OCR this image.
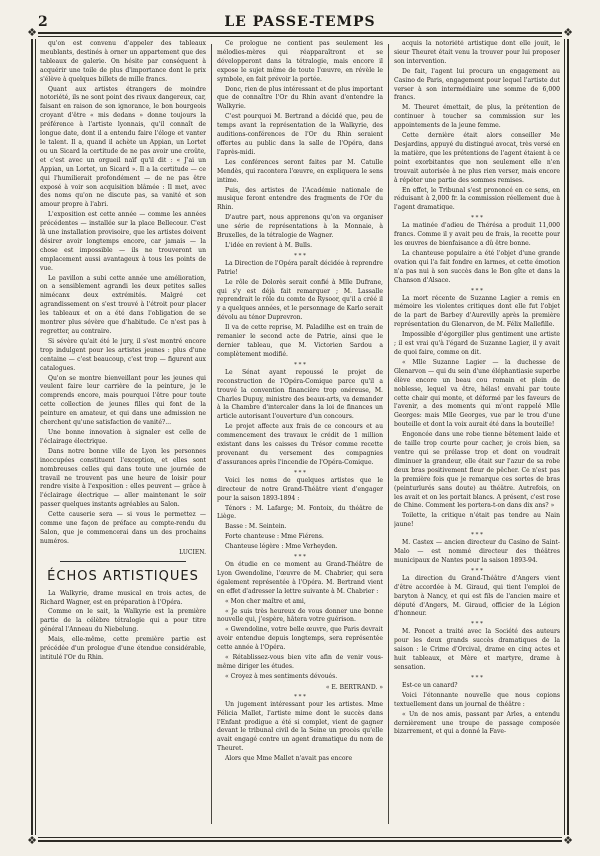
2	LE PASSE-TEMPS
❖	❖
❖	❖

qu'on est convenu d'appeler des tableaux meublants, destinés à orner un appartement que des tableaux de galerie. On hésite par conséquent à acquérir une toile de plus d'importance dont le prix s'élève à quelques billets de mille francs.

Quant aux artistes étrangers de moindre notoriété, ils ne sont point des rivaux dangereux, car, faisant en raison de son ignorance, le bon bourgeois croyant d'être « mis dedans » donne toujours la préférence à l'artiste lyonnais, qu'il connaît de longue date, dont il a entendu faire l'éloge et vanter le talent. Il a, quand il achète un Appian, un Lortet ou un Sicard la certitude de ne pas avoir une croûte, et c'est avec un orgueil naïf qu'il dit : « J'ai un Appian, un Lortet, un Sicard ». Il a la certitude — ce qui l'humilierait profondément — de ne pas être exposé à voir son acquisition blâmée : Il met, avec des noms qu'on ne discute pas, sa vanité et son amour propre à l'abri.

L'exposition est cette année — comme les années précédentes — installée sur la place Bellecour. C'est là une installation provisoire, que les artistes doivent désirer avoir longtemps encore, car jamais — la chose est impossible — ils ne trouveront un emplacement aussi avantageux à tous les points de vue.

Le pavillon a subi cette année une amélioration, on a sensiblement agrandi les deux petites salles nimécanx deux extrémités. Malgré cet agrandissement on s'est trouvé à l'étroit pour placer les tableaux et on a été dans l'obligation de se montrer plus sévère que d'habitude. Ce n'est pas à regretter, au contraire.

Si sévère qu'ait été le jury, il s'est montré encore trop indulgent pour les artistes jeunes : plus d'une centaine — c'est beaucoup, c'est trop — figurent aux catalogues.

Qu'on se montre bienveillant pour les jeunes qui veulent faire leur carrière de la peinture, je le comprends encore, mais pourquoi l'être pour toute cette collection de jeunes filles qui font de la peinture en amateur, et qui dans une admission ne cherchent qu'une satisfaction de vanité?...

Une bonne innovation à signaler est celle de l'éclairage électrique.

Dans notre bonne ville de Lyon les personnes inoccupées constituent l'exception, et elles sont nombreuses celles qui dans toute une journée de travail ne trouvent pas une heure de loisir pour rendre visite à l'exposition : elles peuvent — grâce à l'éclairage électrique — aller maintenant le soir passer quelques instants agréables au Salon.

Cette causerie sera — si vous le permettez — comme une façon de préface au compte-rendu du Salon, que je commencerai dans un des prochains numéros.

LUCIEN.
ÉCHOS ARTISTIQUES

La Walkyrie, drame musical en trois actes, de Richard Wagner, est en préparation à l'Opéra.

Comme on le sait, la Walkyrie est la première partie de la célèbre tétralogie qui a pour titre général l'Anneau du Niebelung.

Mais, elle-même, cette première partie est précédée d'un prologue d'une étendue considérable, intitulé l'Or du Rhin.

Ce prologue ne contient pas seulement les mélodies-mères qui réapparaîtront et se développeront dans la tétralogie, mais encore il expose le sujet même de toute l'œuvre, en révèle le symbole, en fait prévoir la portée.

Donc, rien de plus intéressant et de plus important que de connaître l'Or du Rhin avant d'entendre la Walkyrie.

C'est pourquoi M. Bertrand a décidé que, peu de temps avant la représentation de la Walkyrie, des auditions-conférences de l'Or du Rhin seraient offertes au public dans la salle de l'Opéra, dans l'après-midi.

Les conférences seront faites par M. Catulle Mendès, qui racontera l'œuvre, en expliquera le sens intime.

Puis, des artistes de l'Académie nationale de musique feront entendre des fragments de l'Or du Rhin.

D'autre part, nous apprenons qu'on va organiser une série de représentations à la Monnaie, à Bruxelles, de la tétralogie de Wagner.

L'idée en revient à M. Bulls.

* * *

La Direction de l'Opéra paraît décidée à reprendre Patrie!

Le rôle de Dolorès serait confié à Mlle Dufrane, qui s'y est déjà fait remarquer ; M. Lassalle reprendrait le rôle du comte de Rysoor, qu'il a créé il y a quelques années, et le personnage de Karlo serait dévolu au ténor Duprevron.

Il va de cette reprise, M. Paladilhe est en train de remanier le second acte de Patrie, ainsi que le dernier tableau, que M. Victorien Sardou a complètement modifié.

* * *

Le Sénat ayant repoussé le projet de reconstruction de l'Opéra-Comique parce qu'il a trouvé la convention financière trop onéreuse, M. Charles Dupuy, ministre des beaux-arts, va demander à la Chambre d'intercaler dans la loi de finances un article autorisant l'ouverture d'un concours.

Le projet affecte aux frais de ce concours et au commencement des travaux le crédit de 1 million existant dans les caisses du Trésor comme recette provenant du versement des compagnies d'assurances après l'incendie de l'Opéra-Comique.

* * *

Voici les noms de quelques artistes que le directeur de notre Grand-Théâtre vient d'engager pour la saison 1893-1894 :

Ténors : M. Lafarge; M. Fontoix, du théâtre de Liège.

Basse : M. Seintein.

Forte chanteuse : Mme Fiérens.

Chanteuse légère : Mme Verheyden.

* * *

On étudie en ce moment au Grand-Théâtre de Lyon Gwendoline, l'œuvre de M. Chabrier, qui sera également représentée à l'Opéra. M. Bertrand vient en effet d'adresser la lettre suivante à M. Chabrier :

« Mon cher maître et ami,

« Je suis très heureux de vous donner une bonne nouvelle qui, j'espère, hâtera votre guérison.

« Gwendoline, votre belle œuvre, que Paris devrait avoir entendue depuis longtemps, sera représentée cette année à l'Opéra.

« Rétablissez-vous bien vite afin de venir vous-même diriger les études.

« Croyez à mes sentiments dévoués.

« E. BERTRAND. »
* * *

Un jugement intéressant pour les artistes. Mme Félicia Mallet, l'artiste mime dont le succès dans l'Enfant prodigue a été si complet, vient de gagner devant le tribunal civil de la Seine un procès qu'elle avait engagé contre un agent dramatique du nom de Theuret.

Alors que Mme Mallet n'avait pas encore

acquis la notoriété artistique dont elle jouit, le sieur Theuret était venu la trouver pour lui proposer son intervention.

De fait, l'agent lui procura un engagement au Casino de Paris, engagement pour lequel l'artiste dut verser à son intermédiaire une somme de 6,000 francs.

M. Theuret émettait, de plus, la prétention de continuer à toucher sa commission sur les appointements de la jeune femme.

Cette dernière était alors conseiller Me Desjardins, appuyé du distingué avocat, très versé en la matière, que les prétentions de l'agent étaient à ce point exorbitantes que non seulement elle n'en trouvait autorisée à ne plus rien verser, mais encore à répéter une partie des sommes remises.

En effet, le Tribunal s'est prononcé en ce sens, en réduisant à 2,000 fr. la commission réellement due à l'agent dramatique.

* * *

La matinée d'adieu de Thérésa a produit 11,000 francs. Comme il y avait peu de frais, la recette pour les œuvres de bienfaisance a dû être bonne.

La chanteuse populaire a été l'objet d'une grande ovation qui l'a fait fondre en larmes, et cette émotion n'a pas nui à son succès dans le Bon gîte et dans la Chanson d'Alsace.

* * *

La mort récente de Suzanne Lagier a remis en mémoire les violentes critiques dont elle fut l'objet de la part de Barbey d'Aurevilly après la première représentation du Glenarvon, de M. Félix Mallefille.

Impossible d'égorgiller plus gentiment une artiste ; il est vrai qu'à l'égard de Suzanne Lagier, il y avait de quoi faire, comme on dit.

« Mlle Suzanne Lagier — la duchesse de Glenarvon — qui du sein d'une éléphantiasie superbe élève encore un beau cou romain et plein de noblesse, lequel va être, hélas! envahi par toute cette chair qui monte, et déformé par les faveurs de l'avenir, a des moments qui m'ont rappelé Mlle Georges: mais Mlle Georges, vue par le trou d'une bouteille et dont la voix aurait été dans la bouteille!

Engoncée dans une robe tienne bêtement laide et de taille trop courte pour cacher, je crois bien, sa ventre qui se prélasse trop et dont on voudrait diminuer la grandeur, elle était sur l'azur de sa robe deux bras positivement fleur de pêcher. Ce n'est pas la première fois que je remarque ces sortes de bras (peinturlurés sans doute) au théâtre. Autrefois, on les avait et on les portait blancs. A présent, c'est rose de Chine. Comment les portera-t-on dans dix ans? »

Toilette, la critique n'était pas tendre au Nain jaune!

* * *

M. Castex — ancien directeur du Casino de Saint-Malo — est nommé directeur des théâtres municipaux de Nantes pour la saison 1893-94.

* * *

La direction du Grand-Théâtre d'Angers vient d'être accordée à M. Giraud, qui tient l'emploi de baryton à Nancy, et qui est fils de l'ancien maire et député d'Angers, M. Giraud, officier de la Légion d'honneur.

* * *

M. Poncet a traité avec la Société des auteurs pour les deux grands succès dramatiques de la saison : le Crime d'Orcival, drame en cinq actes et huit tableaux, et Mère et martyre, drame à sensation.

* * *

Est-ce un canard?

Voici l'étonnante nouvelle que nous copions textuellement dans un journal de théâtre :

« Un de nos amis, passant par Arles, a entendu dernièrement une troupe de passage composée bizarrement, et qui a donné la Fave-
